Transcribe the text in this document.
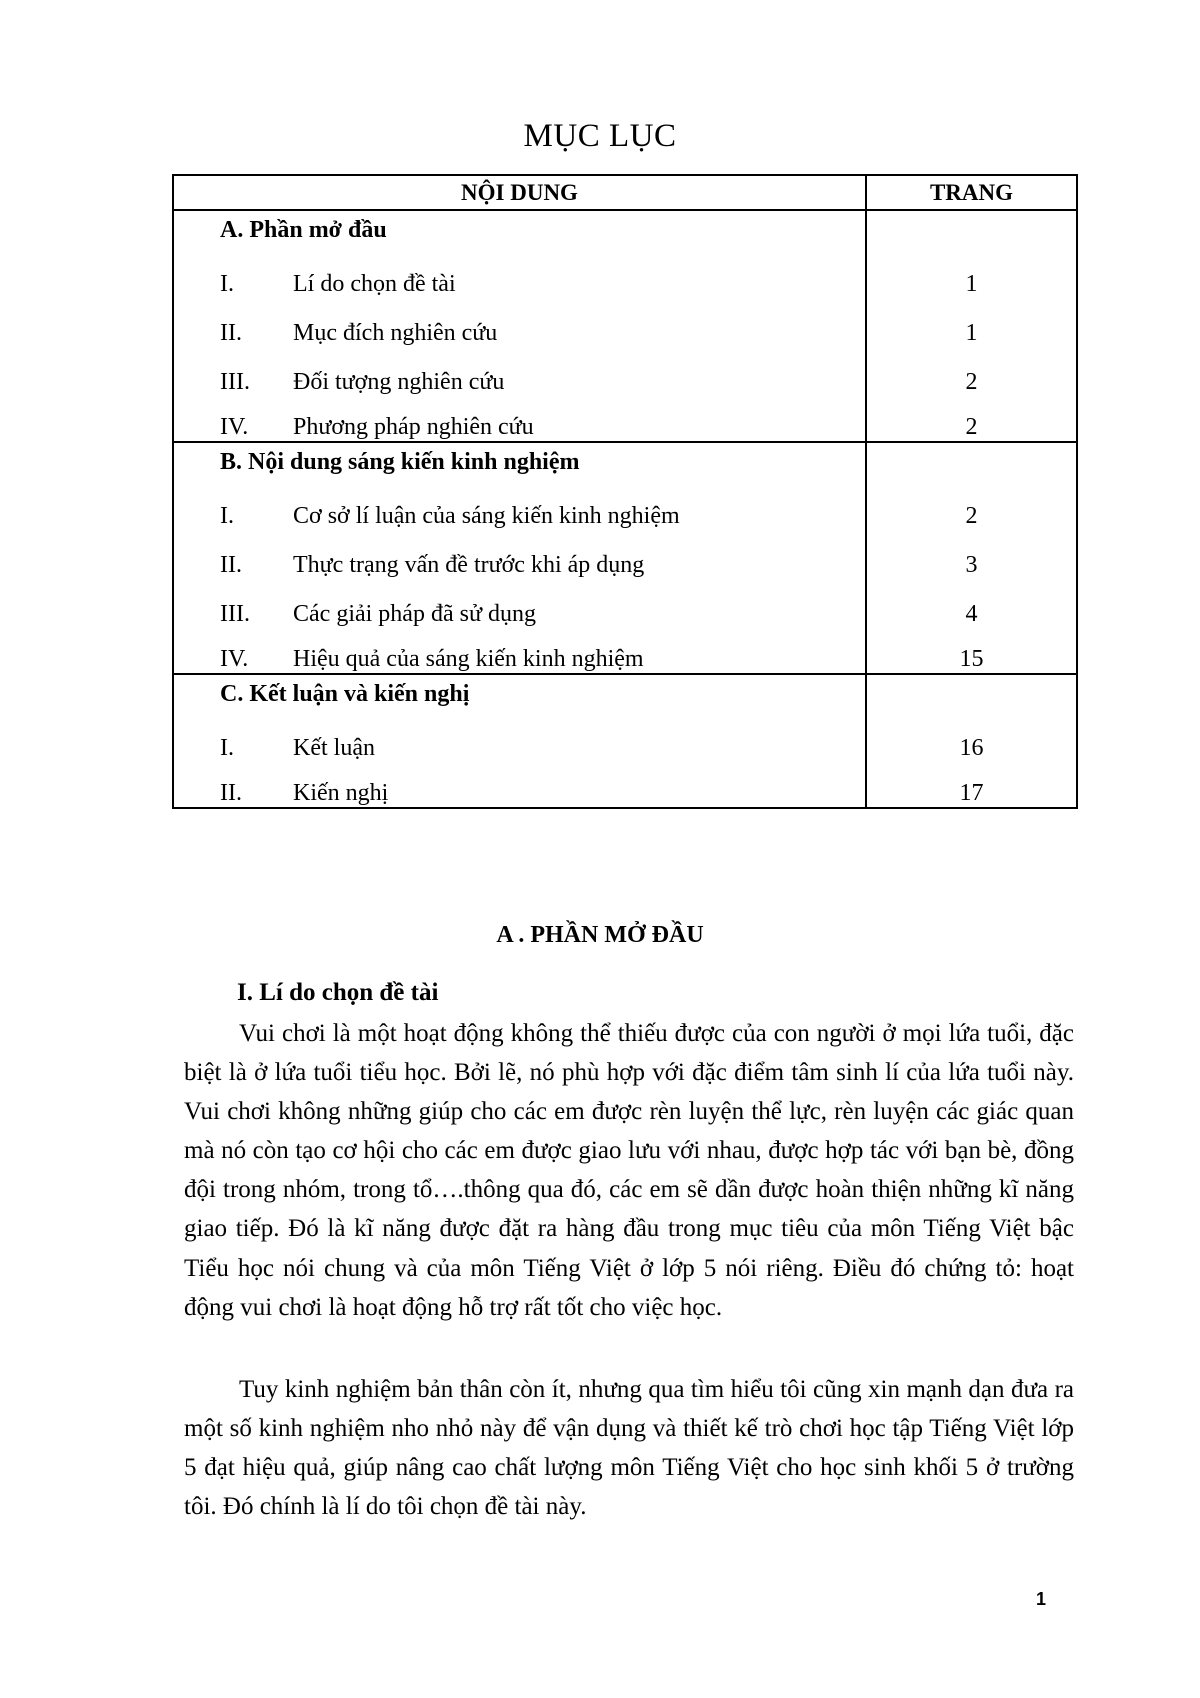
MỤC LỤC
NỘI DUNG	TRANG
A. Phần mở đầu	
I. Lí do chọn đề tài	1
II. Mục đích nghiên cứu	1
III. Đối tượng nghiên cứu	2
IV. Phương pháp nghiên cứu	2
B. Nội dung sáng kiến kinh nghiệm	
I. Cơ sở lí luận của sáng kiến kinh nghiệm	2
II. Thực trạng vấn đề trước khi áp dụng	3
III. Các giải pháp đã sử dụng	4
IV. Hiệu quả của sáng kiến kinh nghiệm	15
C. Kết luận và kiến nghị	
I. Kết luận	16
II. Kiến nghị	17
A . PHẦN MỞ ĐẦU
I. Lí do chọn đề tài
Vui chơi là một hoạt động không thể thiếu được của con người ở mọi lứa tuổi, đặc biệt là ở lứa tuổi tiểu học. Bởi lẽ, nó phù hợp với đặc điểm tâm sinh lí của lứa tuổi này. Vui chơi không những giúp cho các em được rèn luyện thể lực, rèn luyện các giác quan mà nó còn tạo cơ hội cho các em được giao lưu với nhau, được hợp tác với bạn bè, đồng đội trong nhóm, trong tổ….thông qua đó, các em sẽ dần được hoàn thiện những kĩ năng giao tiếp. Đó là kĩ năng được đặt ra hàng đầu trong mục tiêu của môn Tiếng Việt bậc Tiểu học nói chung và của môn Tiếng Việt ở lớp 5 nói riêng. Điều đó chứng tỏ: hoạt động vui chơi là hoạt động hỗ trợ rất tốt cho việc học.
Tuy kinh nghiệm bản thân còn ít, nhưng qua tìm hiểu tôi cũng xin mạnh dạn đưa ra một số kinh nghiệm nho nhỏ này để vận dụng và thiết kế trò chơi học tập Tiếng Việt lớp 5 đạt hiệu quả, giúp nâng cao chất lượng môn Tiếng Việt cho học sinh khối 5 ở trường tôi. Đó chính là lí do tôi chọn đề tài này.
1
